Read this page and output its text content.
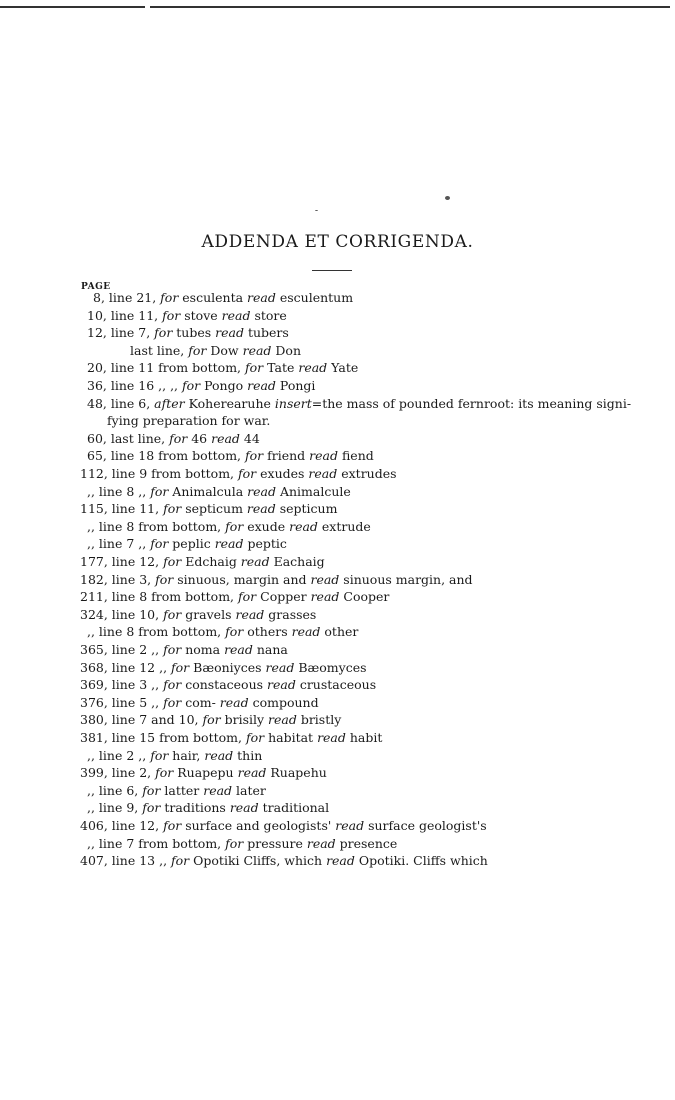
ADDENDA ET CORRIGENDA.
PAGE
8, line 21, for esculenta read esculentum
10, line 11, for stove read store
12, line 7, for tubes read tubers
last line, for Dow read Don
20, line 11 from bottom, for Tate read Yate
36, line 16 ,, ,, for Pongo read Pongi
48, line 6, after Koherearuhe insert=the mass of pounded fernroot: its meaning signi-
fying preparation for war.
60, last line, for 46 read 44
65, line 18 from bottom, for friend read fiend
112, line 9 from bottom, for exudes read extrudes
,, line 8 ,, for Animalcula read Animalcule
115, line 11, for septicum read septicum
,, line 8 from bottom, for exude read extrude
,, line 7 ,, for peplic read peptic
177, line 12, for Edchaig read Eachaig
182, line 3, for sinuous, margin and read sinuous margin, and
211, line 8 from bottom, for Copper read Cooper
324, line 10, for gravels read grasses
,, line 8 from bottom, for others read other
365, line 2 ,, for noma read nana
368, line 12 ,, for Bæoniyces read Bæomyces
369, line 3 ,, for constaceous read crustaceous
376, line 5 ,, for com- read compound
380, line 7 and 10, for brisily read bristly
381, line 15 from bottom, for habitat read habit
,, line 2 ,, for hair, read thin
399, line 2, for Ruapepu read Ruapehu
,, line 6, for latter read later
,, line 9, for traditions read traditional
406, line 12, for surface and geologists' read surface geologist's
,, line 7 from bottom, for pressure read presence
407, line 13 ,, for Opotiki Cliffs, which read Opotiki. Cliffs which
